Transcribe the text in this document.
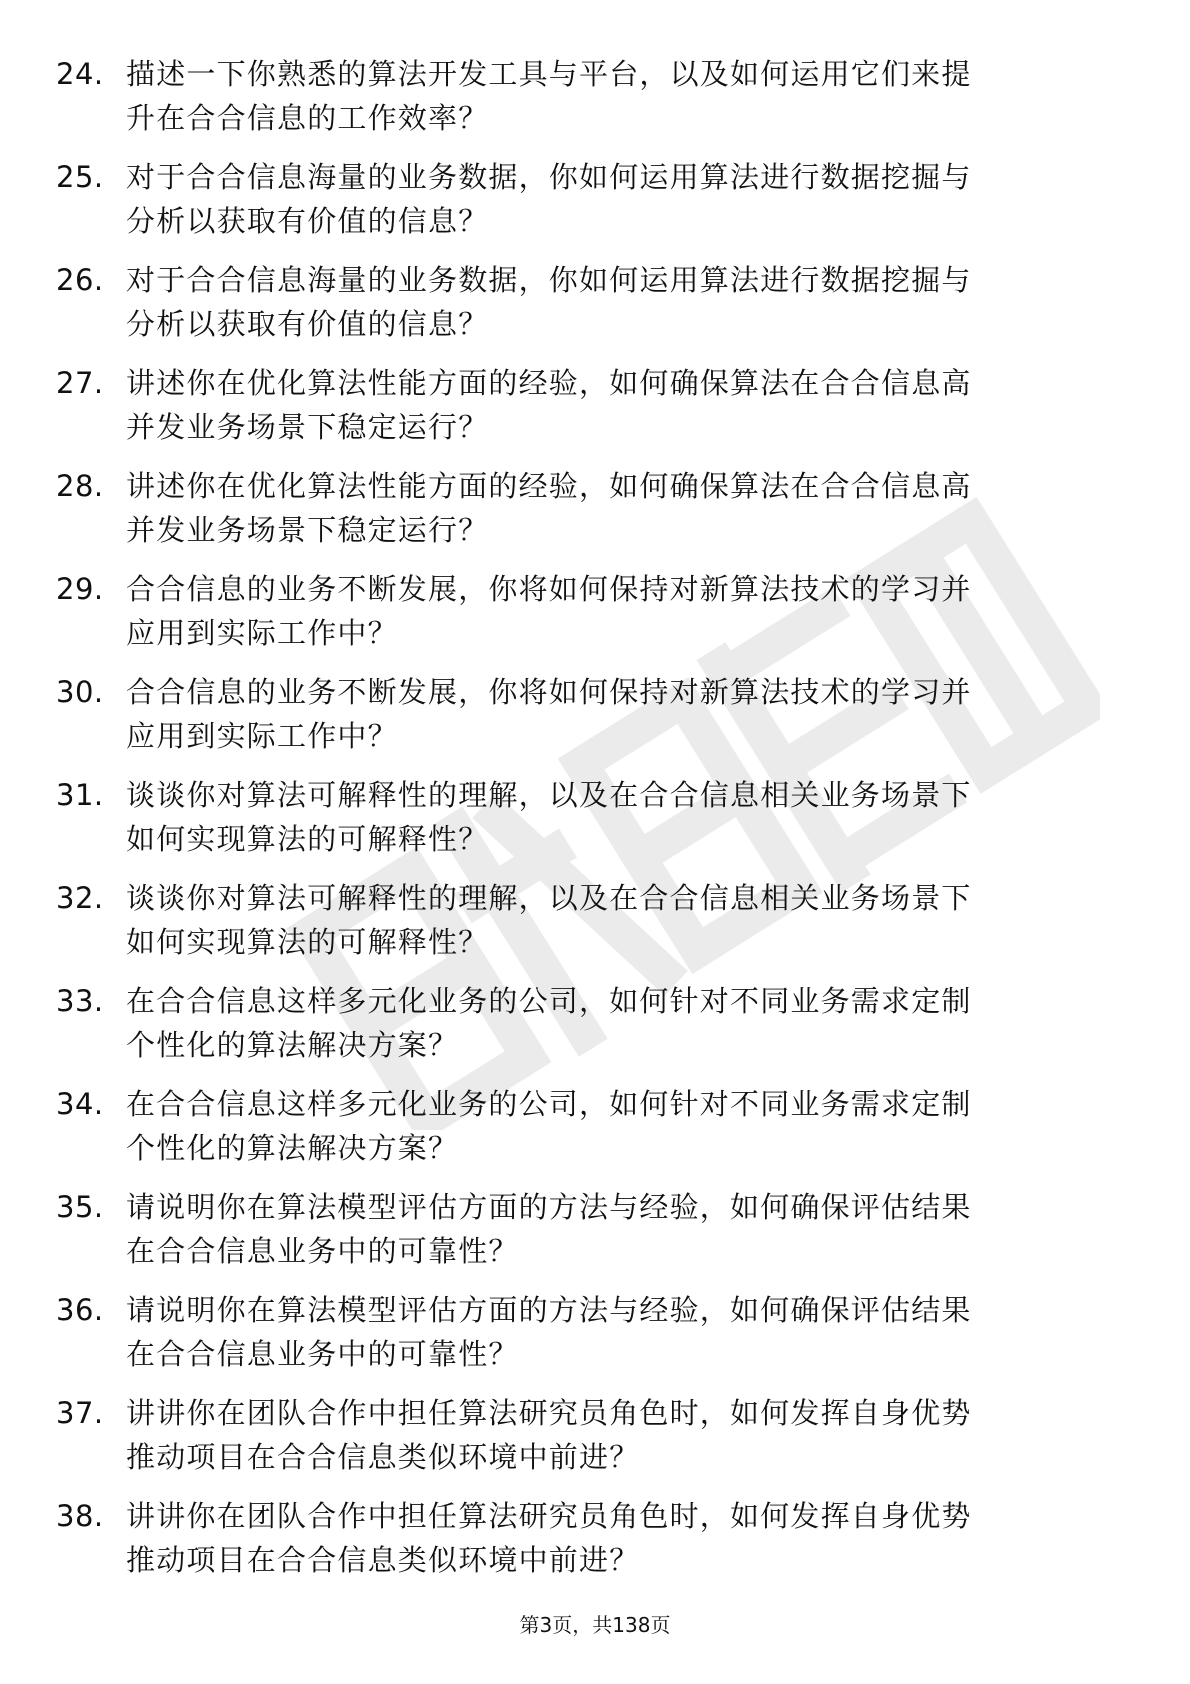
24. 描述一下你熟悉的算法开发工具与平台，以及如何运用它们来提
升在合合信息的工作效率？
25. 对于合合信息海量的业务数据，你如何运用算法进行数据挖掘与
分析以获取有价值的信息？
26. 对于合合信息海量的业务数据，你如何运用算法进行数据挖掘与
分析以获取有价值的信息？
27. 讲述你在优化算法性能方面的经验，如何确保算法在合合信息高
并发业务场景下稳定运行？
28. 讲述你在优化算法性能方面的经验，如何确保算法在合合信息高
并发业务场景下稳定运行？
29. 合合信息的业务不断发展，你将如何保持对新算法技术的学习并
应用到实际工作中？
30. 合合信息的业务不断发展，你将如何保持对新算法技术的学习并
应用到实际工作中？
31. 谈谈你对算法可解释性的理解，以及在合合信息相关业务场景下
如何实现算法的可解释性？
32. 谈谈你对算法可解释性的理解，以及在合合信息相关业务场景下
如何实现算法的可解释性？
33. 在合合信息这样多元化业务的公司，如何针对不同业务需求定制
个性化的算法解决方案？
34. 在合合信息这样多元化业务的公司，如何针对不同业务需求定制
个性化的算法解决方案？
35. 请说明你在算法模型评估方面的方法与经验，如何确保评估结果
在合合信息业务中的可靠性？
36. 请说明你在算法模型评估方面的方法与经验，如何确保评估结果
在合合信息业务中的可靠性？
37. 讲讲你在团队合作中担任算法研究员角色时，如何发挥自身优势
推动项目在合合信息类似环境中前进？
38. 讲讲你在团队合作中担任算法研究员角色时，如何发挥自身优势
推动项目在合合信息类似环境中前进？
第3页，共138页
